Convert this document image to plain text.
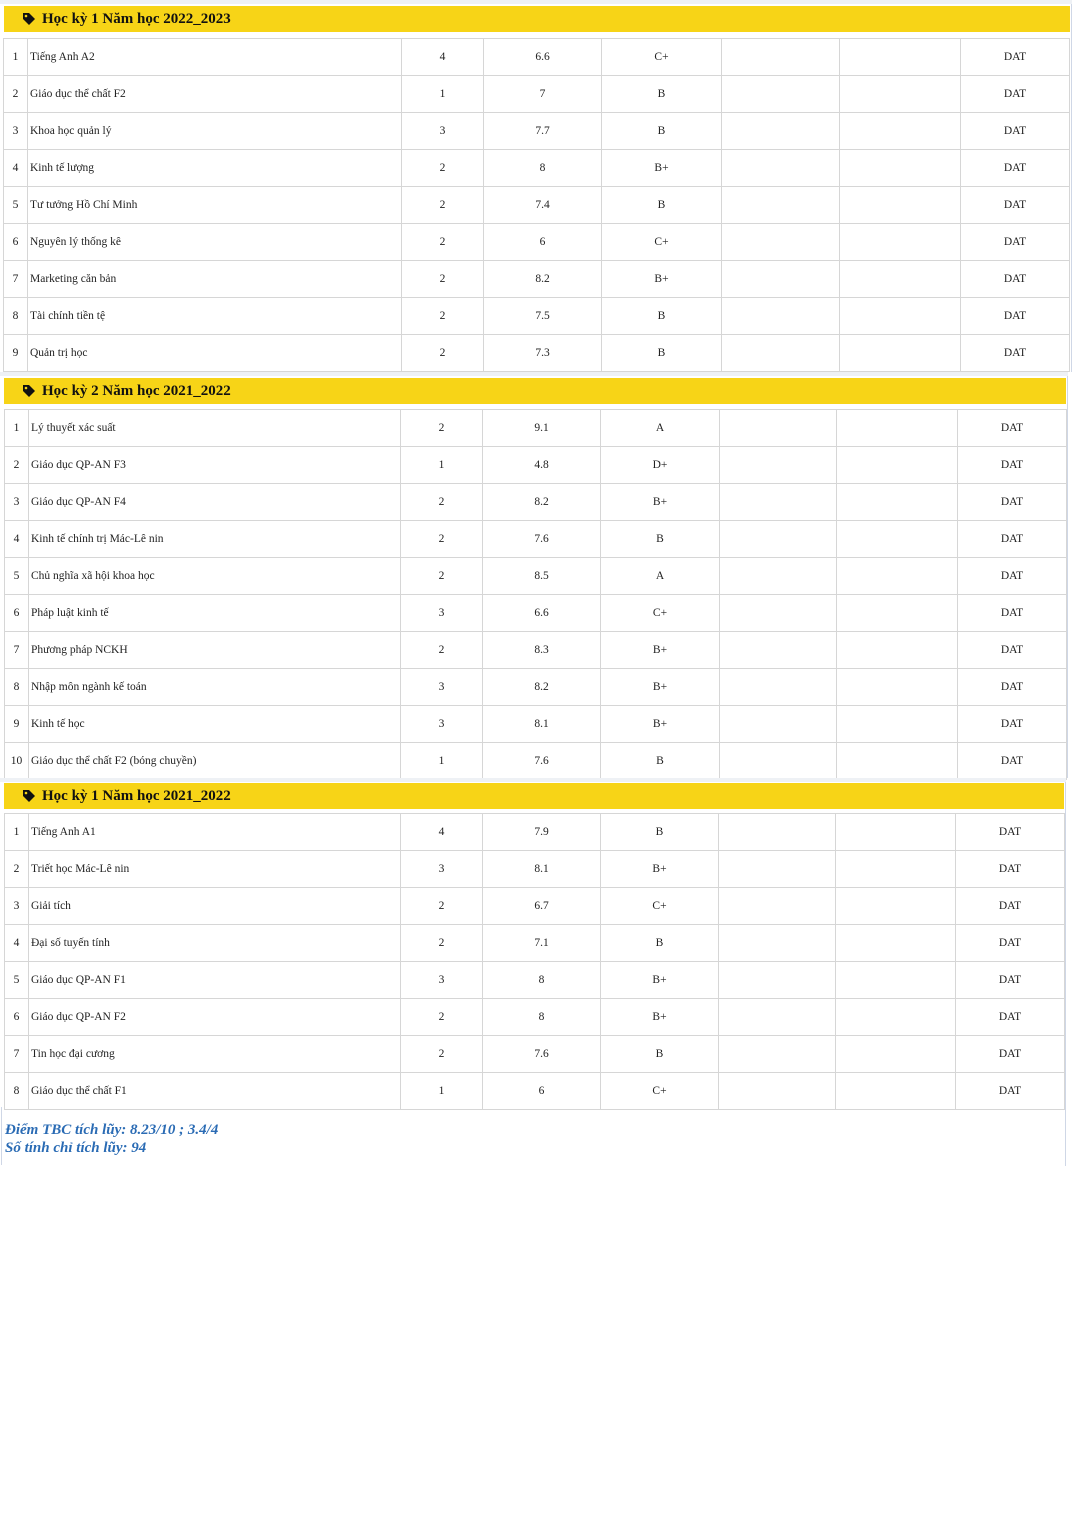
Học kỳ 1 Năm học 2022_2023
1	Tiếng Anh A2	4	6.6	C+			DAT
2	Giáo dục thể chất F2	1	7	B			DAT
3	Khoa học quản lý	3	7.7	B			DAT
4	Kinh tế lượng	2	8	B+			DAT
5	Tư tưởng Hồ Chí Minh	2	7.4	B			DAT
6	Nguyên lý thống kê	2	6	C+			DAT
7	Marketing căn bản	2	8.2	B+			DAT
8	Tài chính tiền tệ	2	7.5	B			DAT
9	Quản trị học	2	7.3	B			DAT
Học kỳ 2 Năm học 2021_2022
1	Lý thuyết xác suất	2	9.1	A			DAT
2	Giáo dục QP-AN F3	1	4.8	D+			DAT
3	Giáo dục QP-AN F4	2	8.2	B+			DAT
4	Kinh tế chính trị Mác-Lê nin	2	7.6	B			DAT
5	Chủ nghĩa xã hội khoa học	2	8.5	A			DAT
6	Pháp luật kinh tế	3	6.6	C+			DAT
7	Phương pháp NCKH	2	8.3	B+			DAT
8	Nhập môn ngành kế toán	3	8.2	B+			DAT
9	Kinh tế học	3	8.1	B+			DAT
10	Giáo dục thể chất F2 (bóng chuyền)	1	7.6	B			DAT
Học kỳ 1 Năm học 2021_2022
1	Tiếng Anh A1	4	7.9	B			DAT
2	Triết học Mác-Lê nin	3	8.1	B+			DAT
3	Giải tích	2	6.7	C+			DAT
4	Đại số tuyến tính	2	7.1	B			DAT
5	Giáo dục QP-AN F1	3	8	B+			DAT
6	Giáo dục QP-AN F2	2	8	B+			DAT
7	Tin học đại cương	2	7.6	B			DAT
8	Giáo dục thể chất F1	1	6	C+			DAT
Điểm TBC tích lũy: 8.23/10 ; 3.4/4
Số tính chỉ tích lũy: 94
